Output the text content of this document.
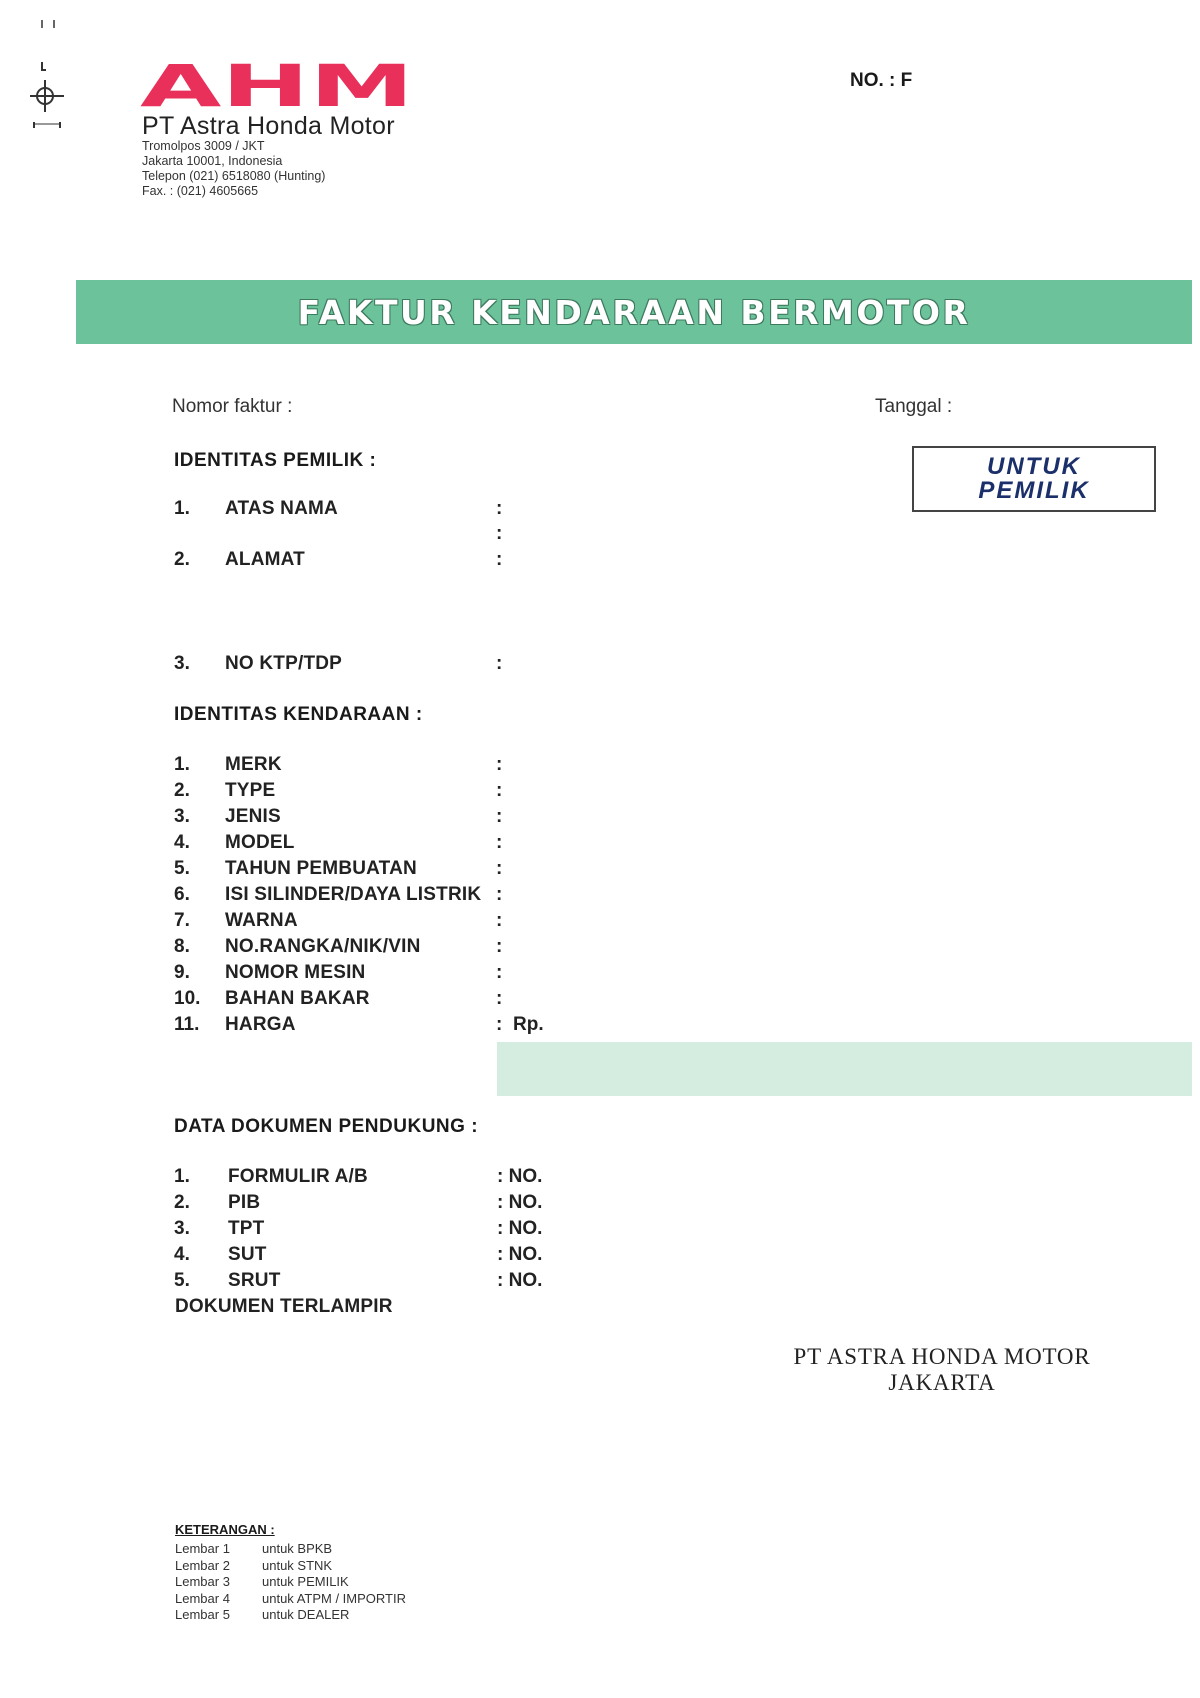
AHM
PT Astra Honda Motor
Tromolpos 3009 / JKT
Jakarta 10001, Indonesia
Telepon (021) 6518080 (Hunting)
Fax. : (021) 4605665
NO. : F
FAKTUR KENDARAAN BERMOTOR
Nomor faktur :	Tanggal :
IDENTITAS PEMILIK :	UNTUK
PEMILIK
1. ATAS NAMA	:
:
2. ALAMAT	:
3. NO KTP/TDP	:
IDENTITAS KENDARAAN :
1. MERK	:
2. TYPE	:
3. JENIS	:
4. MODEL	:
5. TAHUN PEMBUATAN	:
6. ISI SILINDER/DAYA LISTRIK :
7. WARNA	:
8. NO.RANGKA/NIK/VIN	:
9. NOMOR MESIN	:
10. BAHAN BAKAR	:
11. HARGA	: Rp.
DATA DOKUMEN PENDUKUNG :
1. FORMULIR A/B	: NO.
2. PIB	: NO.
3. TPT	: NO.
4. SUT	: NO.
5. SRUT	: NO.
DOKUMEN TERLAMPIR
PT ASTRA HONDA MOTOR
JAKARTA
KETERANGAN :
Lembar 1 untuk BPKB
Lembar 2 untuk STNK
Lembar 3 untuk PEMILIK
Lembar 4 untuk ATPM / IMPORTIR
Lembar 5 untuk DEALER
